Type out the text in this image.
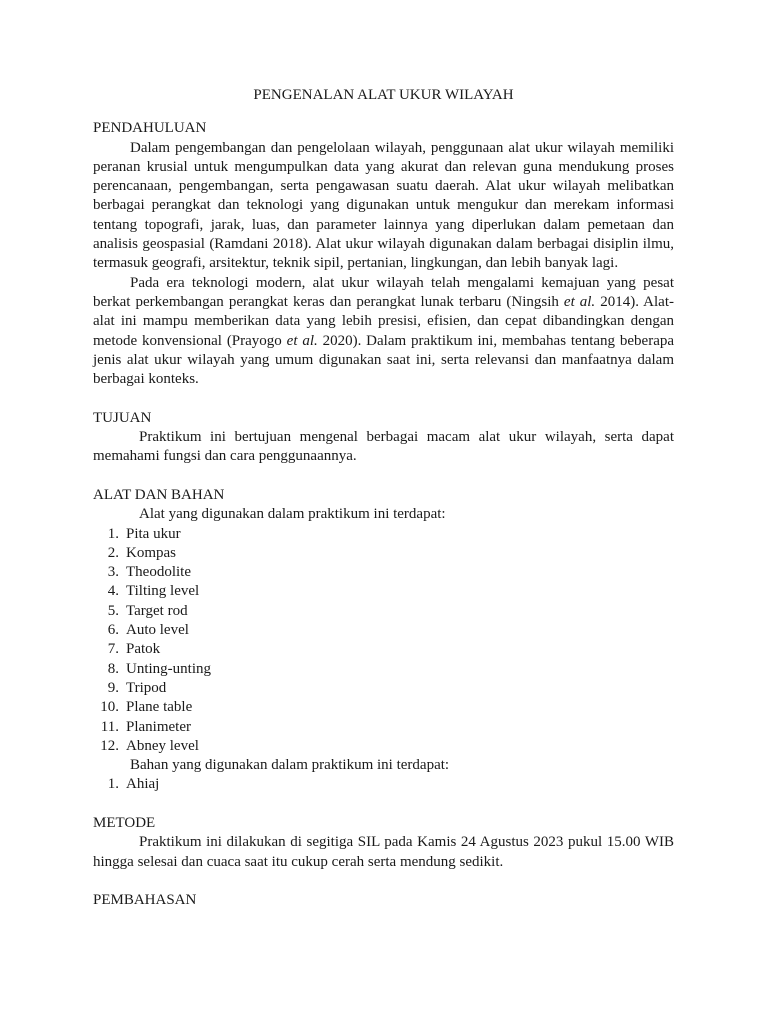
PENGENALAN ALAT UKUR WILAYAH
PENDAHULUAN

Dalam pengembangan dan pengelolaan wilayah, penggunaan alat ukur wilayah memiliki peranan krusial untuk mengumpulkan data yang akurat dan relevan guna mendukung proses perencanaan, pengembangan, serta pengawasan suatu daerah. Alat ukur wilayah melibatkan berbagai perangkat dan teknologi yang digunakan untuk mengukur dan merekam informasi tentang topografi, jarak, luas, dan parameter lainnya yang diperlukan dalam pemetaan dan analisis geospasial (Ramdani 2018). Alat ukur wilayah digunakan dalam berbagai disiplin ilmu, termasuk geografi, arsitektur, teknik sipil, pertanian, lingkungan, dan lebih banyak lagi.

Pada era teknologi modern, alat ukur wilayah telah mengalami kemajuan yang pesat berkat perkembangan perangkat keras dan perangkat lunak terbaru (Ningsih et al. 2014). Alat-alat ini mampu memberikan data yang lebih presisi, efisien, dan cepat dibandingkan dengan metode konvensional (Prayogo et al. 2020). Dalam praktikum ini, membahas tentang beberapa jenis alat ukur wilayah yang umum digunakan saat ini, serta relevansi dan manfaatnya dalam berbagai konteks.

TUJUAN

Praktikum ini bertujuan mengenal berbagai macam alat ukur wilayah, serta dapat memahami fungsi dan cara penggunaannya.

ALAT DAN BAHAN
Alat yang digunakan dalam praktikum ini terdapat:
1. Pita ukur
2. Kompas
3. Theodolite
4. Tilting level
5. Target rod
6. Auto level
7. Patok
8. Unting-unting
9. Tripod
10. Plane table
11. Planimeter
12. Abney level
Bahan yang digunakan dalam praktikum ini terdapat:
1. Ahiaj
METODE

Praktikum ini dilakukan di segitiga SIL pada Kamis 24 Agustus 2023 pukul 15.00 WIB hingga selesai dan cuaca saat itu cukup cerah serta mendung sedikit.

PEMBAHASAN
